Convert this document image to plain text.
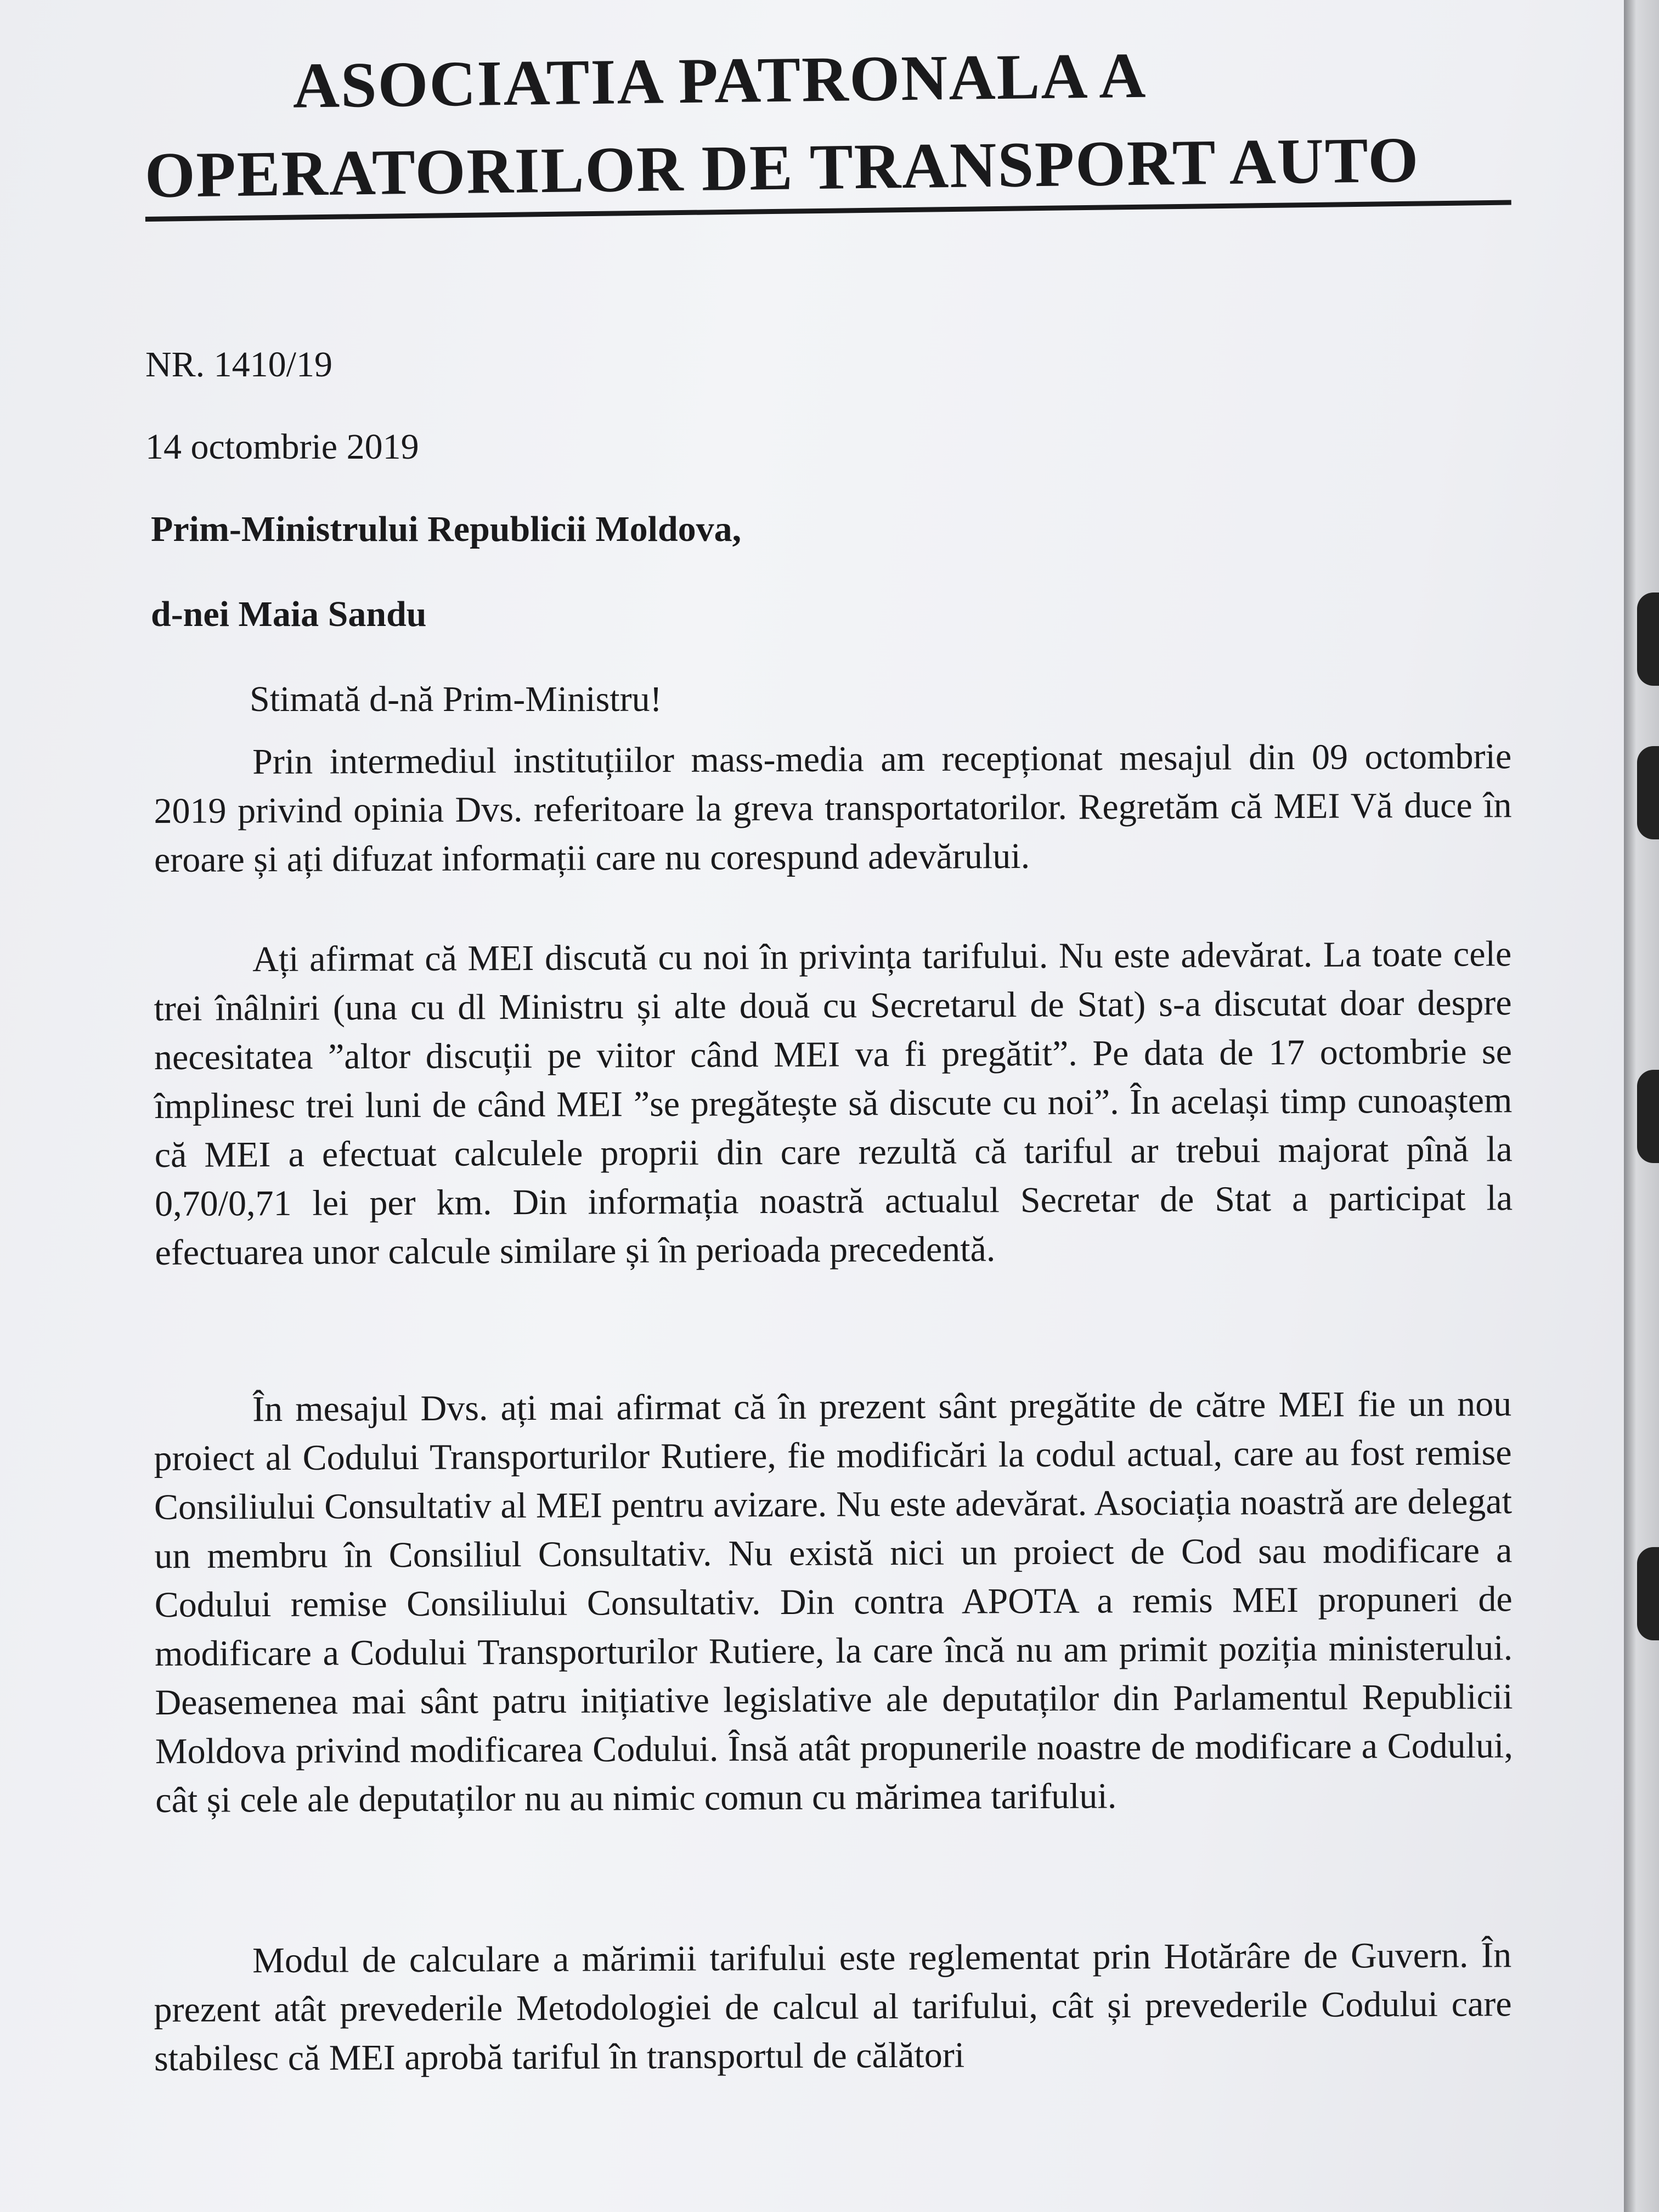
ASOCIATIA PATRONALA A
OPERATORILOR DE TRANSPORT AUTO
NR. 1410/19
14 octombrie 2019
Prim-Ministrului Republicii Moldova,
d-nei Maia Sandu
Stimată d-nă Prim-Ministru!

Prin intermediul instituțiilor mass-media am recepționat mesajul din 09 octombrie 2019 privind opinia Dvs. referitoare la greva transportatorilor. Regretăm că MEI Vă duce în eroare și ați difuzat informații care nu corespund adevărului.

Ați afirmat că MEI discută cu noi în privința tarifului. Nu este adevărat. La toate cele trei înâlniri (una cu dl Ministru și alte două cu Secretarul de Stat) s-a discutat doar despre necesitatea ”altor discuții pe viitor când MEI va fi pregătit”. Pe data de 17 octombrie se împlinesc trei luni de când MEI ”se pregătește să discute cu noi”. În același timp cunoaștem că MEI a efectuat calculele proprii din care rezultă că tariful ar trebui majorat pînă la 0,70/0,71 lei per km. Din informația noastră actualul Secretar de Stat a participat la efectuarea unor calcule similare și în perioada precedentă.

În mesajul Dvs. ați mai afirmat că în prezent sânt pregătite de către MEI fie un nou proiect al Codului Transporturilor Rutiere, fie modificări la codul actual, care au fost remise Consiliului Consultativ al MEI pentru avizare. Nu este adevărat. Asociația noastră are delegat un membru în Consiliul Consultativ. Nu există nici un proiect de Cod sau modificare a Codului remise Consiliului Consultativ. Din contra APOTA a remis MEI propuneri de modificare a Codului Transporturilor Rutiere, la care încă nu am primit poziția ministerului. Deasemenea mai sânt patru inițiative legislative ale deputaților din Parlamentul Republicii Moldova privind modificarea Codului. Însă atât propunerile noastre de modificare a Codului, cât și cele ale deputaților nu au nimic comun cu mărimea tarifului.

Modul de calculare a mărimii tarifului este reglementat prin Hotărâre de Guvern. În prezent atât prevederile Metodologiei de calcul al tarifului, cât și prevederile Codului care stabilesc că MEI aprobă tariful în transportul de călători
